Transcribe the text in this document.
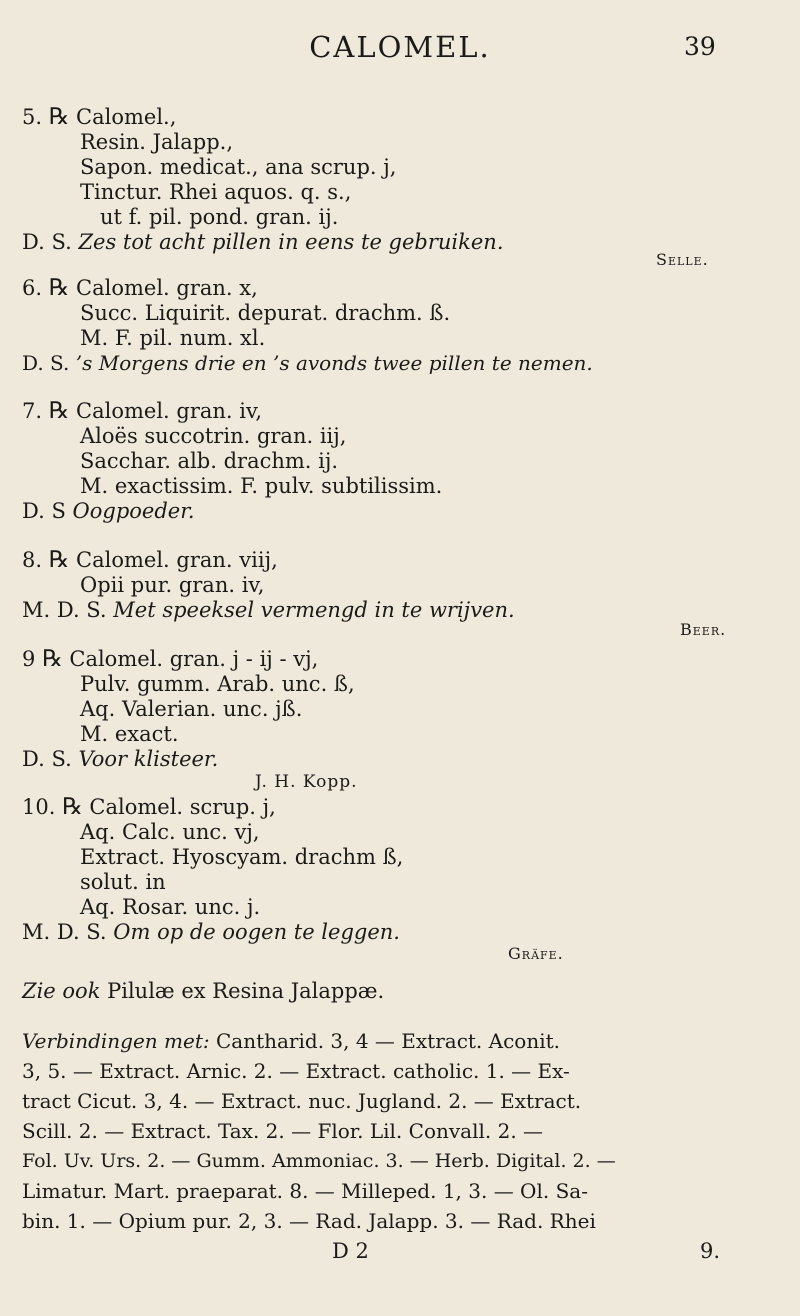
CALOMEL.	39
5. ℞ Calomel.,
Resin. Jalapp.,
Sapon. medicat., ana scrup. j,
Tinctur. Rhei aquos. q. s.,
ut f. pil. pond. gran. ij.
D. S. Zes tot acht pillen in eens te gebruiken.
Selle.
6. ℞ Calomel. gran. x,
Succ. Liquirit. depurat. drachm. ß.
M. F. pil. num. xl.
D. S. ’s Morgens drie en ’s avonds twee pillen te nemen.
7. ℞ Calomel. gran. iv,
Aloës succotrin. gran. iij,
Sacchar. alb. drachm. ij.
M. exactissim. F. pulv. subtilissim.
D. S Oogpoeder.
8. ℞ Calomel. gran. viij,
Opii pur. gran. iv,
M. D. S. Met speeksel vermengd in te wrijven.
Beer.
9 ℞ Calomel. gran. j - ij - vj,
Pulv. gumm. Arab. unc. ß,
Aq. Valerian. unc. jß.
M. exact.
D. S. Voor klisteer.
J. H. Kopp.
10. ℞ Calomel. scrup. j,
Aq. Calc. unc. vj,
Extract. Hyoscyam. drachm ß,
solut. in
Aq. Rosar. unc. j.
M. D. S. Om op de oogen te leggen.
Gräfe.
Zie ook Pilulæ ex Resina Jalappæ.
Verbindingen met: Cantharid. 3, 4 — Extract. Aconit.
3, 5. — Extract. Arnic. 2. — Extract. catholic. 1. — Ex-
tract Cicut. 3, 4. — Extract. nuc. Jugland. 2. — Extract.
Scill. 2. — Extract. Tax. 2. — Flor. Lil. Convall. 2. —
Fol. Uv. Urs. 2. — Gumm. Ammoniac. 3. — Herb. Digital. 2. —
Limatur. Mart. praeparat. 8. — Milleped. 1, 3. — Ol. Sa-
bin. 1. — Opium pur. 2, 3. — Rad. Jalapp. 3. — Rad. Rhei
D 2	9.
